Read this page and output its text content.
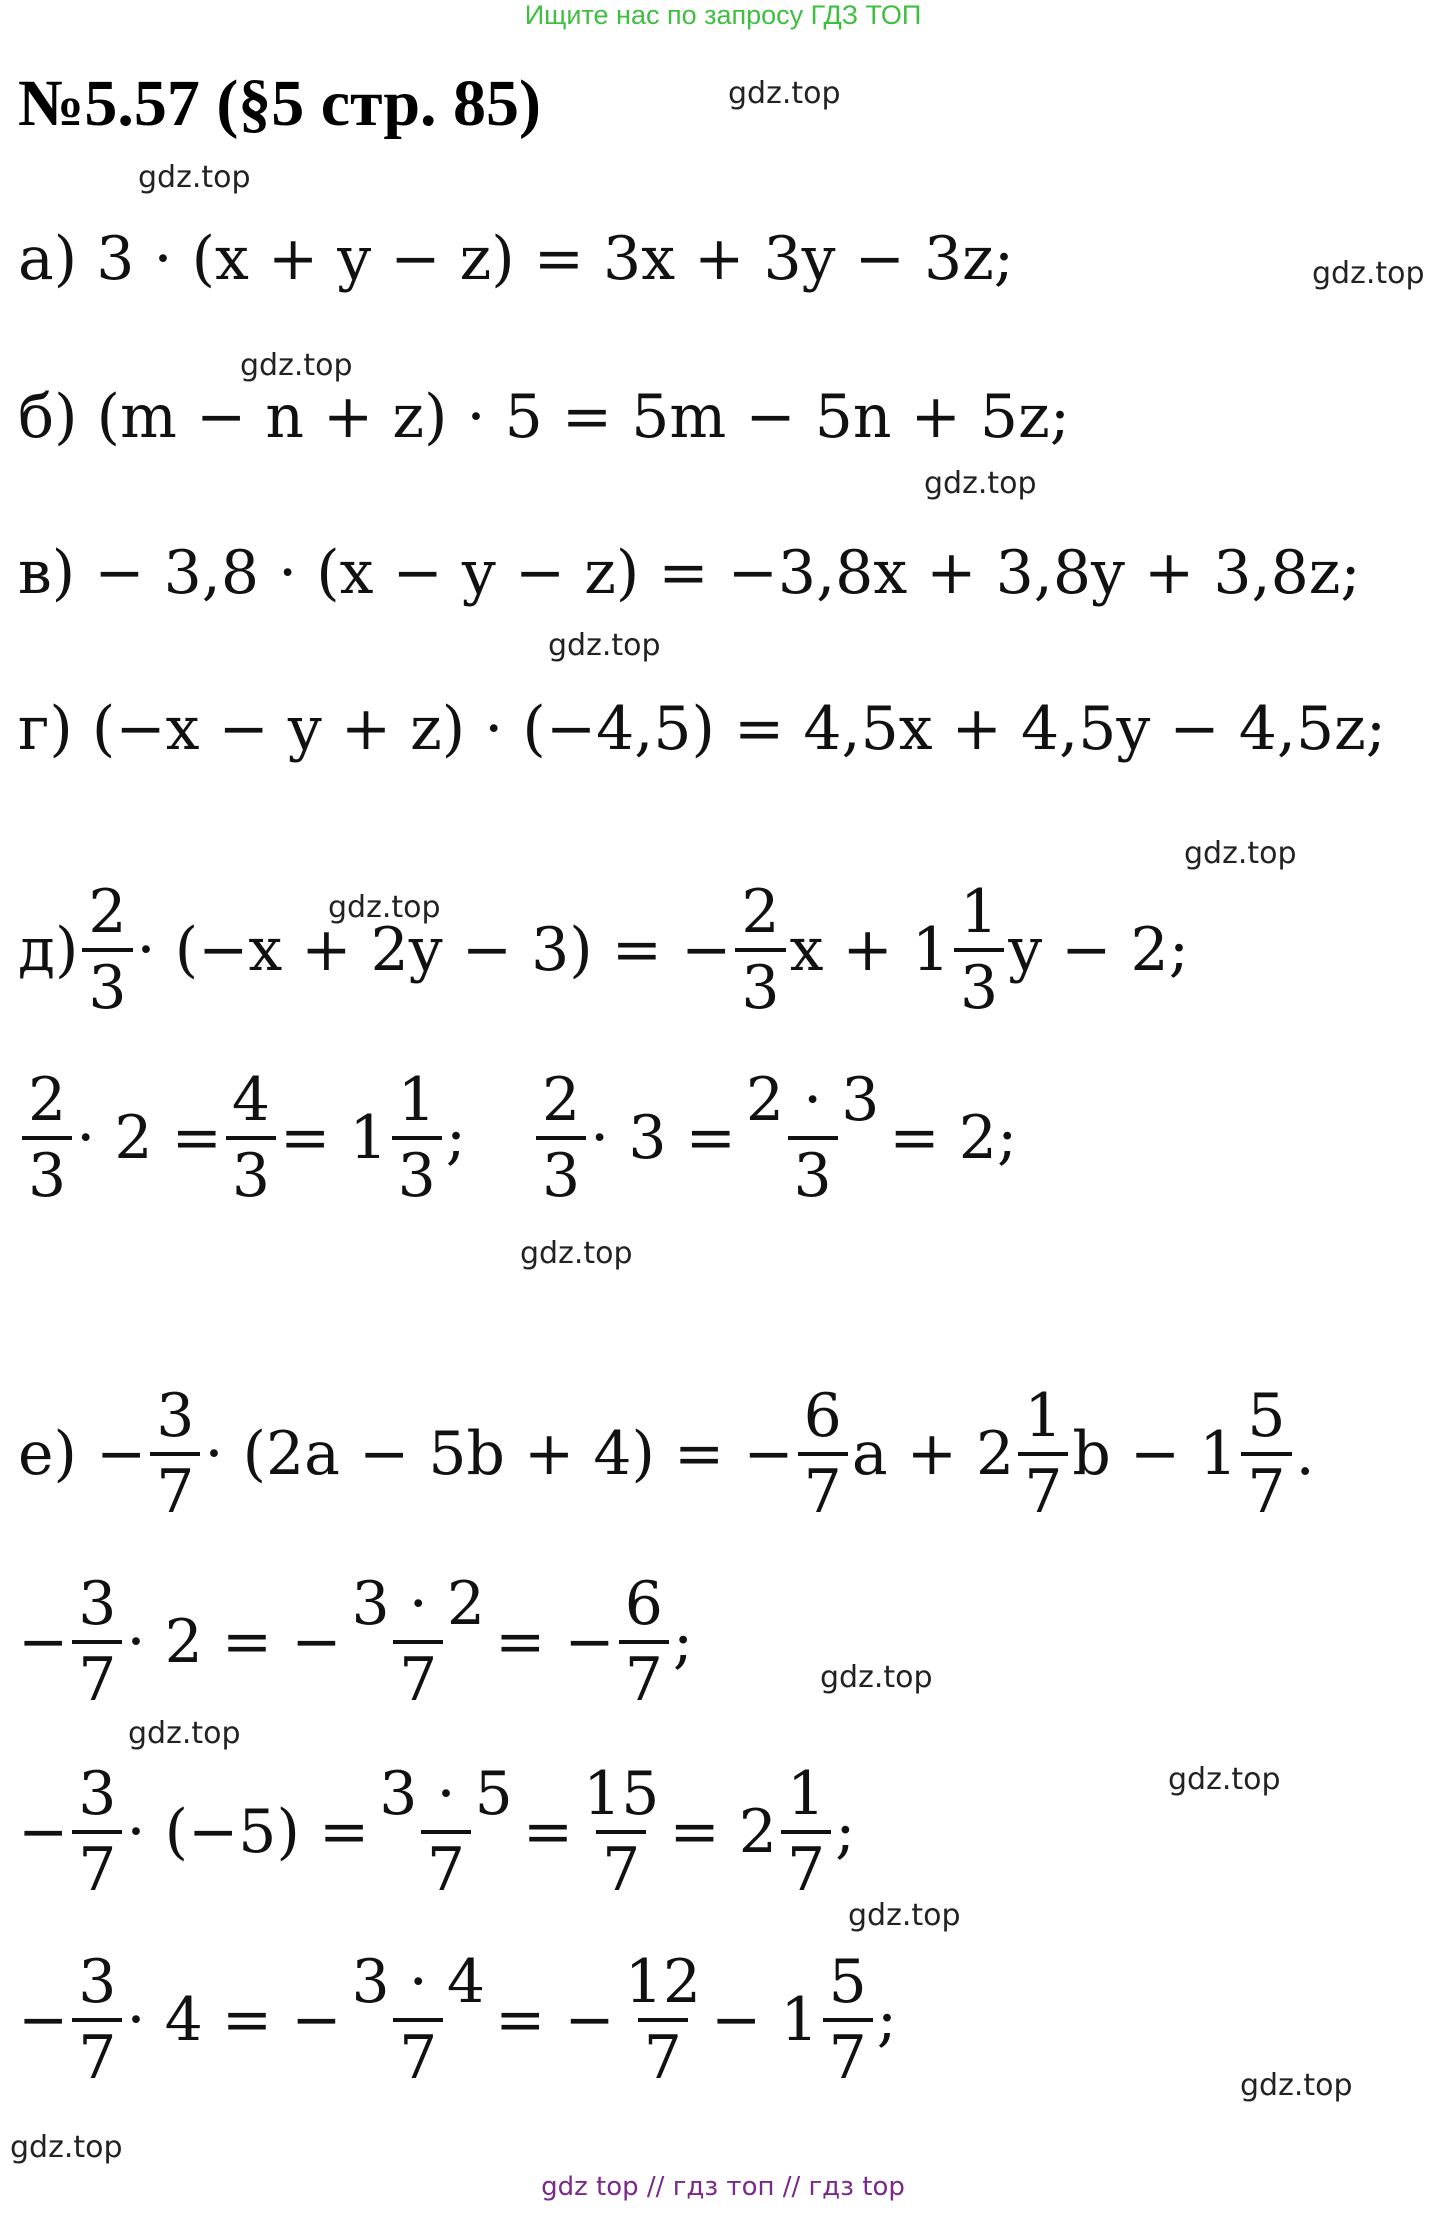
Ищите нас по запросу ГДЗ ТОП
№5.57 (§5 стр. 85)	gdz.top
gdz.top
gdz.top
gdz.top
gdz.top
gdz.top
gdz.top
gdz.top
gdz.top
gdz.top
gdz.top
gdz.top
gdz.top
gdz.top
gdz.top
а) 3 · (x + y − z) = 3x + 3y − 3z;
б) (m − n + z) · 5 = 5m − 5n + 5z;
в) − 3,8 · (x − y − z) = −3,8x + 3,8y + 3,8z;
г) (−x − y + z) · (−4,5) = 4,5x + 4,5y − 4,5z;
$д) \frac{2}{3} \cdot (-x + 2y - 3)$ = − $\frac{2}{3}$ $x + 1 \frac{1}{3}$ y − 2;
$\frac{2}{3} \cdot 2 = \frac{4}{3} = 1 \frac{1}{3}$ ; $\frac{2}{3} \cdot 3 = \frac{2 \cdot 3}{3} = 2$;
$е) - \frac{3}{7} \cdot (2a - 5b + 4)$ = − $\frac{6}{7}$ $a + 2 \frac{1}{7}$ $b - 1 \frac{5}{7}$ .
− $\frac{3}{7} \cdot 2$ = − $\frac{3 \cdot 2}{7}$ = − $\frac{6}{7}$ ;
− $\frac{3}{7} \cdot (-5) = \frac{3 \cdot 5}{7} = \frac{15}{7} = 2 \frac{1}{7}$ ;
− $\frac{3}{7} \cdot 4$ = − $\frac{3 \cdot 4}{7}$ = − $\frac{12}{7} - 1 \frac{5}{7}$ ;
gdz top // гдз топ // гдз top
